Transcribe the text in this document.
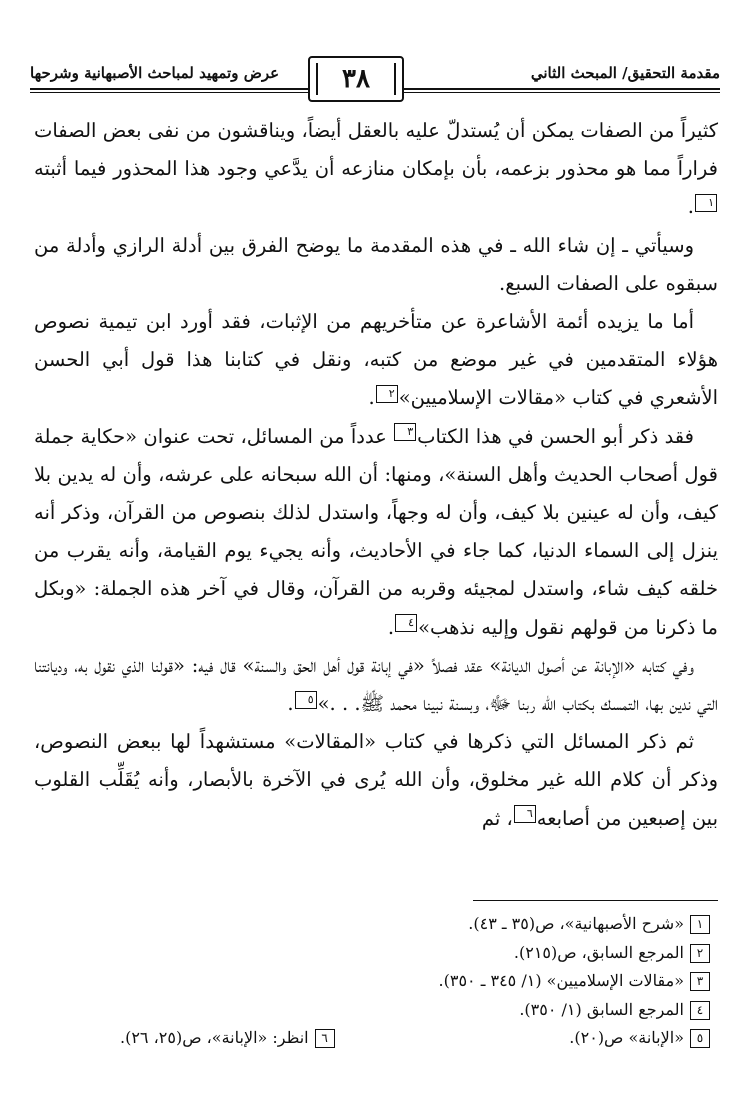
مقدمة التحقيق/ المبحث الثاني
عرض وتمهيد لمباحث الأصبهانية وشرحها ٣٨

كثيراً من الصفات يمكن أن يُستدلّ عليه بالعقل أيضاً، ويناقشون من نفى بعض الصفات فراراً مما هو محذور بزعمه، بأن بإمكان منازعه أن يدَّعي وجود هذا المحذور فيما أثبته١.

وسيأتي ـ إن شاء الله ـ في هذه المقدمة ما يوضح الفرق بين أدلة الرازي وأدلة من سبقوه على الصفات السبع.

أما ما يزيده أئمة الأشاعرة عن متأخريهم من الإثبات، فقد أورد ابن تيمية نصوص هؤلاء المتقدمين في غير موضع من كتبه، ونقل في كتابنا هذا قول أبي الحسن الأشعري في كتاب «مقالات الإسلاميين»٢.

فقد ذكر أبو الحسن في هذا الكتاب٣ عدداً من المسائل، تحت عنوان «حكاية جملة قول أصحاب الحديث وأهل السنة»، ومنها: أن الله سبحانه على عرشه، وأن له يدين بلا كيف، وأن له عينين بلا كيف، وأن له وجهاً، واستدل لذلك بنصوص من القرآن، وذكر أنه ينزل إلى السماء الدنيا، كما جاء في الأحاديث، وأنه يجيء يوم القيامة، وأنه يقرب من خلقه كيف شاء، واستدل لمجيئه وقربه من القرآن، وقال في آخر هذه الجملة: «وبكل ما ذكرنا من قولهم نقول وإليه نذهب»٤.

وفي كتابه «الإبانة عن أصول الديانة» عقد فصلاً «في إبانة قول أهل الحق والسنة» قال فيه: «قولنا الذي نقول به، وديانتنا التي ندين بها، التمسك بكتاب الله ربنا ﷻ، وبسنة نبينا محمد ﷺ. . .»٥.

ثم ذكر المسائل التي ذكرها في كتاب «المقالات» مستشهداً لها ببعض النصوص، وذكر أن كلام الله غير مخلوق، وأن الله يُرى في الآخرة بالأبصار، وأنه يُقَلِّب القلوب بين إصبعين من أصابعه٦، ثم

١«شرح الأصبهانية»، ص(٣٥ ـ ٤٣).
٢المرجع السابق، ص(٢١٥).
٣«مقالات الإسلاميين» (١/ ٣٤٥ ـ ٣٥٠).
٤المرجع السابق (١/ ٣٥٠).
٥«الإبانة» ص(٢٠).
٦انظر: «الإبانة»، ص(٢٥، ٢٦).
